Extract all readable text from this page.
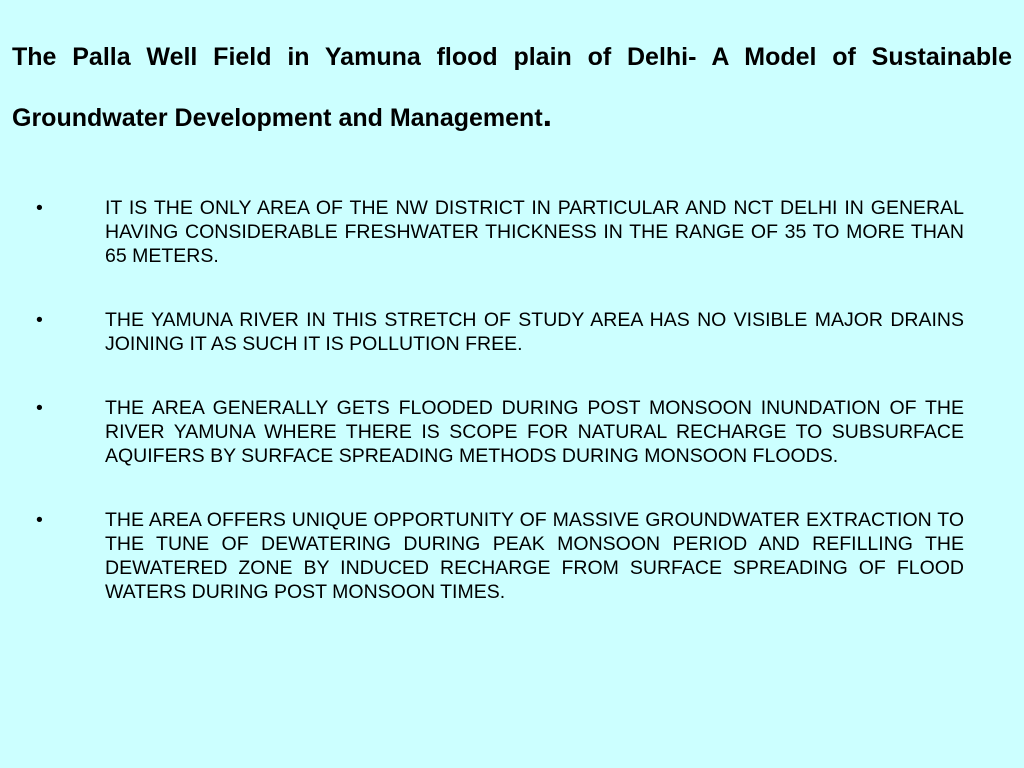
The Palla Well Field in Yamuna flood plain of Delhi- A Model of Sustainable Groundwater Development and Management.
•	IT IS THE ONLY AREA OF THE NW DISTRICT IN PARTICULAR AND NCT DELHI IN GENERAL HAVING CONSIDERABLE FRESHWATER THICKNESS IN THE RANGE OF 35 TO MORE THAN 65 METERS.
•	THE YAMUNA RIVER IN THIS STRETCH OF STUDY AREA HAS NO VISIBLE MAJOR DRAINS JOINING IT AS SUCH IT IS POLLUTION FREE.
•	THE AREA GENERALLY GETS FLOODED DURING POST MONSOON INUNDATION OF THE RIVER YAMUNA WHERE THERE IS SCOPE FOR NATURAL RECHARGE TO SUBSURFACE AQUIFERS BY SURFACE SPREADING METHODS DURING MONSOON FLOODS.
•	THE AREA OFFERS UNIQUE OPPORTUNITY OF MASSIVE GROUNDWATER EXTRACTION TO THE TUNE OF DEWATERING DURING PEAK MONSOON PERIOD AND REFILLING THE DEWATERED ZONE BY INDUCED RECHARGE FROM SURFACE SPREADING OF FLOOD WATERS DURING POST MONSOON TIMES.
